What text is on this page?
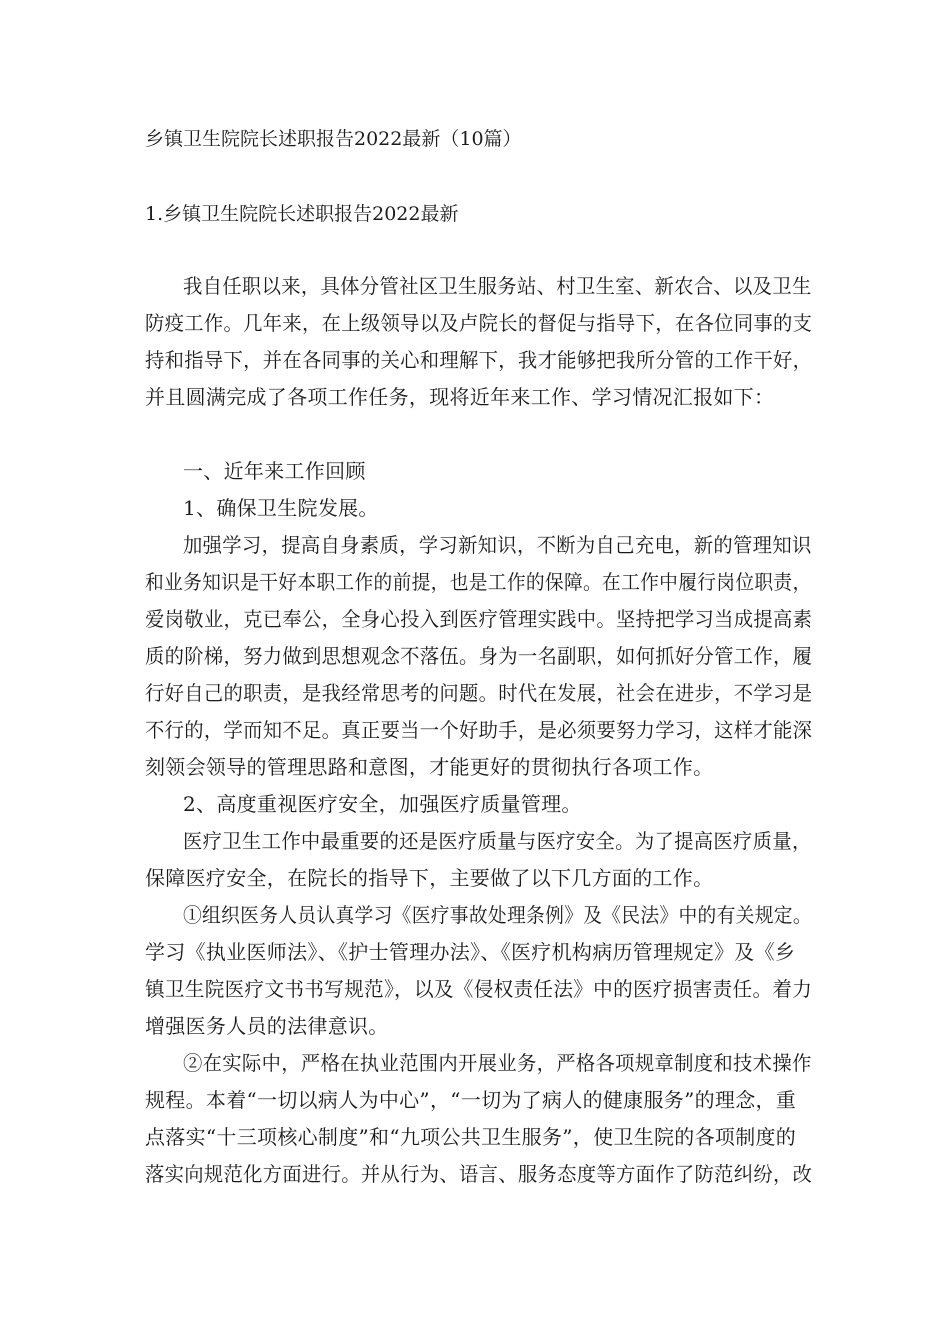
乡镇卫生院院长述职报告2022最新（10篇）
1.乡镇卫生院院长述职报告2022最新
我自任职以来，具体分管社区卫生服务站、村卫生室、新农合、以及卫生
防疫工作。几年来，在上级领导以及卢院长的督促与指导下，在各位同事的支
持和指导下，并在各同事的关心和理解下，我才能够把我所分管的工作干好，
并且圆满完成了各项工作任务，现将近年来工作、学习情况汇报如下：
一、近年来工作回顾
1、确保卫生院发展。
加强学习，提高自身素质，学习新知识，不断为自己充电，新的管理知识
和业务知识是干好本职工作的前提，也是工作的保障。在工作中履行岗位职责，
爱岗敬业，克已奉公，全身心投入到医疗管理实践中。坚持把学习当成提高素
质的阶梯，努力做到思想观念不落伍。身为一名副职，如何抓好分管工作，履
行好自己的职责，是我经常思考的问题。时代在发展，社会在进步，不学习是
不行的，学而知不足。真正要当一个好助手，是必须要努力学习，这样才能深
刻领会领导的管理思路和意图，才能更好的贯彻执行各项工作。
2、高度重视医疗安全，加强医疗质量管理。
医疗卫生工作中最重要的还是医疗质量与医疗安全。为了提高医疗质量，
保障医疗安全，在院长的指导下，主要做了以下几方面的工作。
①组织医务人员认真学习《医疗事故处理条例》及《民法》中的有关规定。
学习《执业医师法》、《护士管理办法》、《医疗机构病历管理规定》及《乡
镇卫生院医疗文书书写规范》，以及《侵权责任法》中的医疗损害责任。着力
增强医务人员的法律意识。
②在实际中，严格在执业范围内开展业务，严格各项规章制度和技术操作
规程。本着“一切以病人为中心”，“一切为了病人的健康服务”的理念，重
点落实“十三项核心制度”和“九项公共卫生服务”，使卫生院的各项制度的
落实向规范化方面进行。并从行为、语言、服务态度等方面作了防范纠纷，改
